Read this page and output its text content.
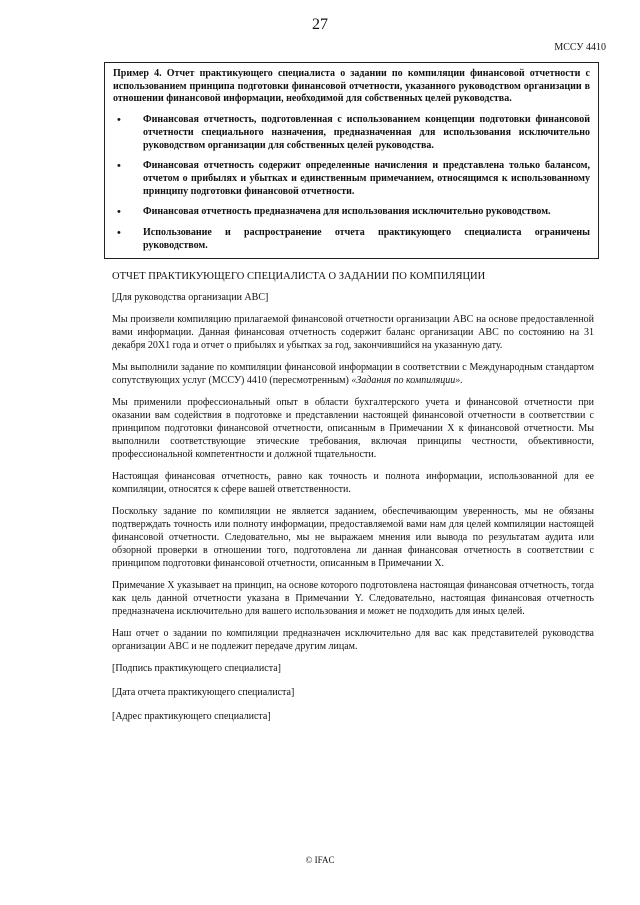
27
МССУ 4410

Пример 4. Отчет практикующего специалиста о задании по компиляции финансовой отчетности с использованием принципа подготовки финансовой отчетности, указанного руководством организации в отношении финансовой информации, необходимой для собственных целей руководства.

• Финансовая отчетность, подготовленная с использованием концепции подготовки финансовой отчетности специального назначения, предназначенная для использования исключительно руководством организации для собственных целей руководства.
• Финансовая отчетность содержит определенные начисления и представлена только балансом, отчетом о прибылях и убытках и единственным примечанием, относящимся к использованному принципу подготовки финансовой отчетности.
• Финансовая отчетность предназначена для использования исключительно руководством.
• Использование и распространение отчета практикующего специалиста ограничены руководством.

ОТЧЕТ ПРАКТИКУЮЩЕГО СПЕЦИАЛИСТА О ЗАДАНИИ ПО КОМПИЛЯЦИИ

[Для руководства организации ABC]

Мы произвели компиляцию прилагаемой финансовой отчетности организации ABC на основе предоставленной вами информации. Данная финансовая отчетность содержит баланс организации ABC по состоянию на 31 декабря 20X1 года и отчет о прибылях и убытках за год, закончившийся на указанную дату.

Мы выполнили задание по компиляции финансовой информации в соответствии с Международным стандартом сопутствующих услуг (МССУ) 4410 (пересмотренным) «Задания по компиляции».

Мы применили профессиональный опыт в области бухгалтерского учета и финансовой отчетности при оказании вам содействия в подготовке и представлении настоящей финансовой отчетности в соответствии с принципом подготовки финансовой отчетности, описанным в Примечании X к финансовой отчетности. Мы выполнили соответствующие этические требования, включая принципы честности, объективности, профессиональной компетентности и должной тщательности.

Настоящая финансовая отчетность, равно как точность и полнота информации, использованной для ее компиляции, относятся к сфере вашей ответственности.

Поскольку задание по компиляции не является заданием, обеспечивающим уверенность, мы не обязаны подтверждать точность или полноту информации, предоставляемой вами нам для целей компиляции настоящей финансовой отчетности. Следовательно, мы не выражаем мнения или вывода по результатам аудита или обзорной проверки в отношении того, подготовлена ли данная финансовая отчетность в соответствии с принципом подготовки финансовой отчетности, описанным в Примечании X.

Примечание X указывает на принцип, на основе которого подготовлена настоящая финансовая отчетность, тогда как цель данной отчетности указана в Примечании Y. Следовательно, настоящая финансовая отчетность предназначена исключительно для вашего использования и может не подходить для иных целей.

Наш отчет о задании по компиляции предназначен исключительно для вас как представителей руководства организации ABC и не подлежит передаче другим лицам.

[Подпись практикующего специалиста]

[Дата отчета практикующего специалиста]

[Адрес практикующего специалиста]

© IFAC
